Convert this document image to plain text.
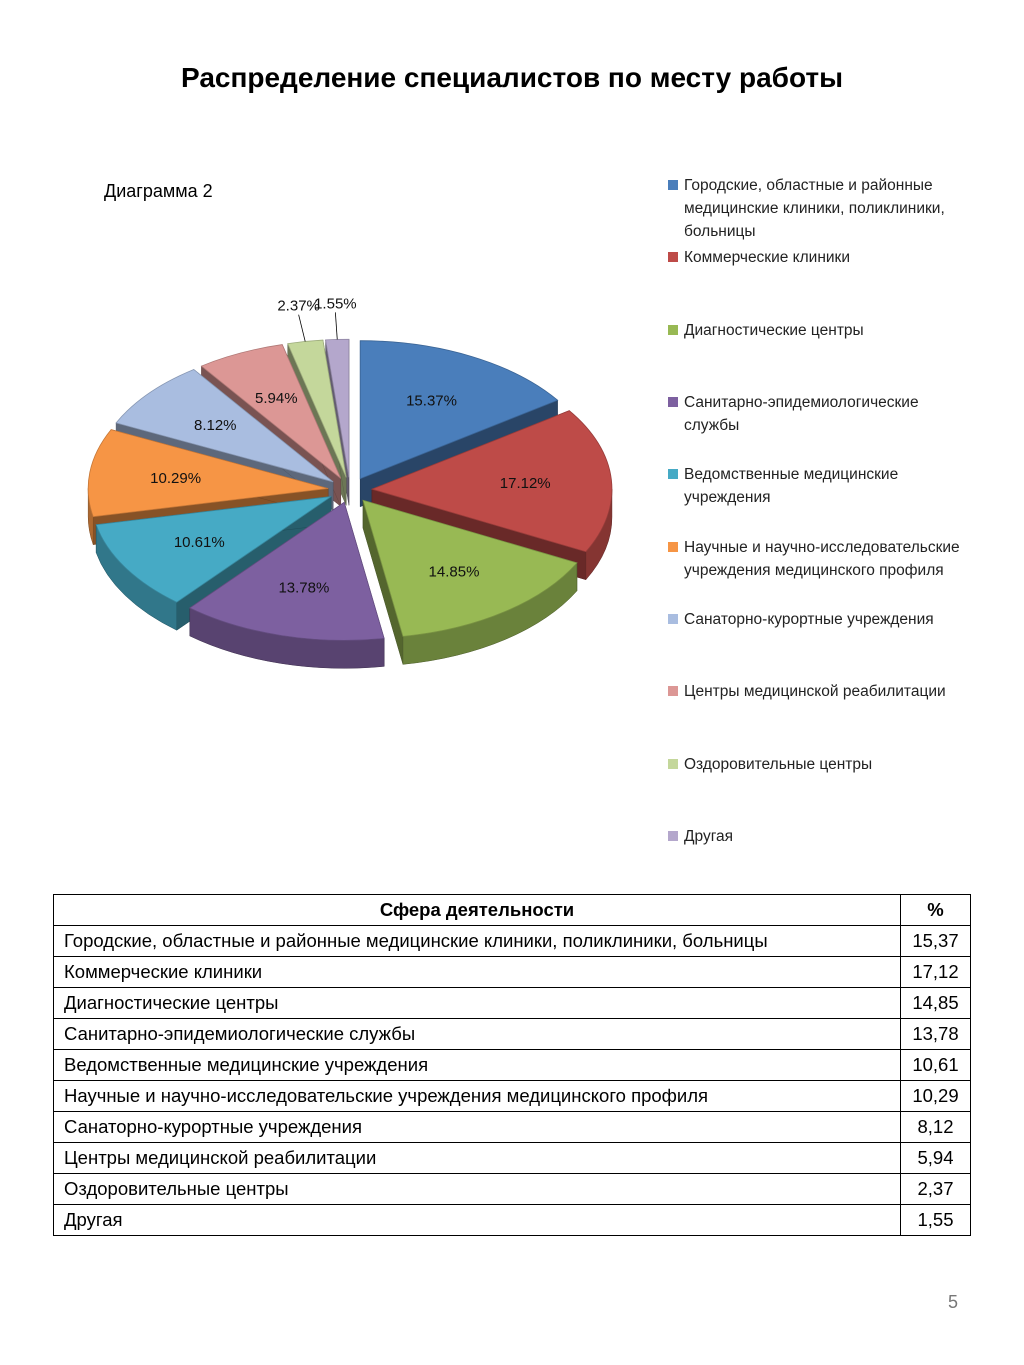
Распределение специалистов по месту работы
Диаграмма 2
15.37%
17.12%
14.85%
13.78%
10.61%
10.29%
8.12%
5.94%
2.37%
1.55%
Городские, областные и районные медицинские клиники, поликлиники, больницы
Коммерческие клиники
Диагностические центры
Санитарно-эпидемиологические службы
Ведомственные медицинские учреждения
Научные и научно-исследовательские учреждения медицинского профиля
Санаторно-курортные учреждения
Центры медицинской реабилитации
Оздоровительные центры
Другая
Сфера деятельности	%
Городские, областные и районные медицинские клиники, поликлиники, больницы	15,37
Коммерческие клиники	17,12
Диагностические центры	14,85
Санитарно-эпидемиологические службы	13,78
Ведомственные медицинские учреждения	10,61
Научные и научно-исследовательские учреждения медицинского профиля	10,29
Санаторно-курортные учреждения	8,12
Центры медицинской реабилитации	5,94
Оздоровительные центры	2,37
Другая	1,55
5
